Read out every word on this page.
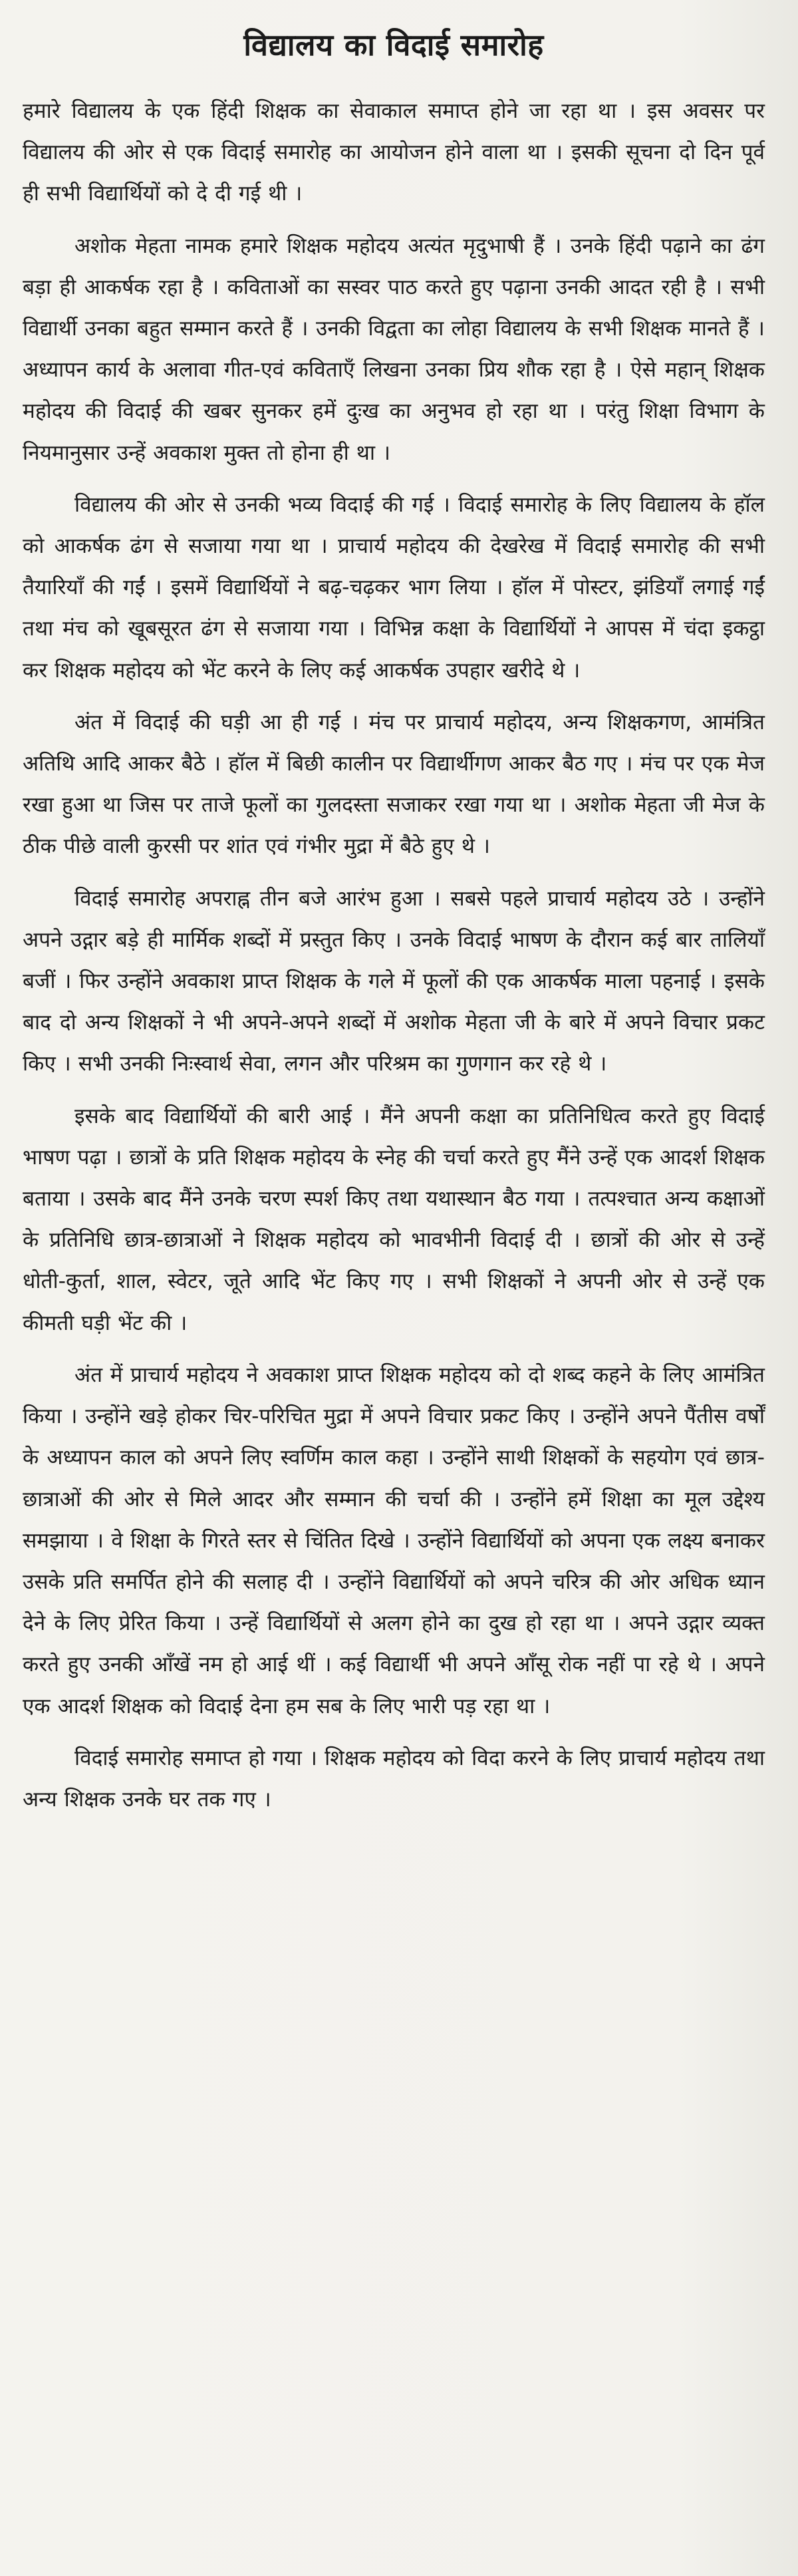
विद्यालय का विदाई समारोह

हमारे विद्यालय के एक हिंदी शिक्षक का सेवाकाल समाप्त होने जा रहा था । इस अवसर पर विद्यालय की ओर से एक विदाई समारोह का आयोजन होने वाला था । इसकी सूचना दो दिन पूर्व ही सभी विद्यार्थियों को दे दी गई थी ।

अशोक मेहता नामक हमारे शिक्षक महोदय अत्यंत मृदुभाषी हैं । उनके हिंदी पढ़ाने का ढंग बड़ा ही आकर्षक रहा है । कविताओं का सस्वर पाठ करते हुए पढ़ाना उनकी आदत रही है । सभी विद्यार्थी उनका बहुत सम्मान करते हैं । उनकी विद्वता का लोहा विद्यालय के सभी शिक्षक मानते हैं । अध्यापन कार्य के अलावा गीत-एवं कविताएँ लिखना उनका प्रिय शौक रहा है । ऐसे महान् शिक्षक महोदय की विदाई की खबर सुनकर हमें दुःख का अनुभव हो रहा था । परंतु शिक्षा विभाग के नियमानुसार उन्हें अवकाश मुक्त तो होना ही था ।

विद्यालय की ओर से उनकी भव्य विदाई की गई । विदाई समारोह के लिए विद्यालय के हॉल को आकर्षक ढंग से सजाया गया था । प्राचार्य महोदय की देखरेख में विदाई समारोह की सभी तैयारियाँ की गईं । इसमें विद्यार्थियों ने बढ़-चढ़कर भाग लिया । हॉल में पोस्टर, झंडियाँ लगाई गईं तथा मंच को खूबसूरत ढंग से सजाया गया । विभिन्न कक्षा के विद्यार्थियों ने आपस में चंदा इकट्ठा कर शिक्षक महोदय को भेंट करने के लिए कई आकर्षक उपहार खरीदे थे ।

अंत में विदाई की घड़ी आ ही गई । मंच पर प्राचार्य महोदय, अन्य शिक्षकगण, आमंत्रित अतिथि आदि आकर बैठे । हॉल में बिछी कालीन पर विद्यार्थीगण आकर बैठ गए । मंच पर एक मेज रखा हुआ था जिस पर ताजे फूलों का गुलदस्ता सजाकर रखा गया था । अशोक मेहता जी मेज के ठीक पीछे वाली कुरसी पर शांत एवं गंभीर मुद्रा में बैठे हुए थे ।

विदाई समारोह अपराह्न तीन बजे आरंभ हुआ । सबसे पहले प्राचार्य महोदय उठे । उन्होंने अपने उद्गार बड़े ही मार्मिक शब्दों में प्रस्तुत किए । उनके विदाई भाषण के दौरान कई बार तालियाँ बजीं । फिर उन्होंने अवकाश प्राप्त शिक्षक के गले में फूलों की एक आकर्षक माला पहनाई । इसके बाद दो अन्य शिक्षकों ने भी अपने-अपने शब्दों में अशोक मेहता जी के बारे में अपने विचार प्रकट किए । सभी उनकी निःस्वार्थ सेवा, लगन और परिश्रम का गुणगान कर रहे थे ।

इसके बाद विद्यार्थियों की बारी आई । मैंने अपनी कक्षा का प्रतिनिधित्व करते हुए विदाई भाषण पढ़ा । छात्रों के प्रति शिक्षक महोदय के स्नेह की चर्चा करते हुए मैंने उन्हें एक आदर्श शिक्षक बताया । उसके बाद मैंने उनके चरण स्पर्श किए तथा यथास्थान बैठ गया । तत्पश्चात अन्य कक्षाओं के प्रतिनिधि छात्र-छात्राओं ने शिक्षक महोदय को भावभीनी विदाई दी । छात्रों की ओर से उन्हें धोती-कुर्ता, शाल, स्वेटर, जूते आदि भेंट किए गए । सभी शिक्षकों ने अपनी ओर से उन्हें एक कीमती घड़ी भेंट की ।

अंत में प्राचार्य महोदय ने अवकाश प्राप्त शिक्षक महोदय को दो शब्द कहने के लिए आमंत्रित किया । उन्होंने खड़े होकर चिर-परिचित मुद्रा में अपने विचार प्रकट किए । उन्होंने अपने पैंतीस वर्षों के अध्यापन काल को अपने लिए स्वर्णिम काल कहा । उन्होंने साथी शिक्षकों के सहयोग एवं छात्र-छात्राओं की ओर से मिले आदर और सम्मान की चर्चा की । उन्होंने हमें शिक्षा का मूल उद्देश्य समझाया । वे शिक्षा के गिरते स्तर से चिंतित दिखे । उन्होंने विद्यार्थियों को अपना एक लक्ष्य बनाकर उसके प्रति समर्पित होने की सलाह दी । उन्होंने विद्यार्थियों को अपने चरित्र की ओर अधिक ध्यान देने के लिए प्रेरित किया । उन्हें विद्यार्थियों से अलग होने का दुख हो रहा था । अपने उद्गार व्यक्त करते हुए उनकी आँखें नम हो आई थीं । कई विद्यार्थी भी अपने आँसू रोक नहीं पा रहे थे । अपने एक आदर्श शिक्षक को विदाई देना हम सब के लिए भारी पड़ रहा था ।

विदाई समारोह समाप्त हो गया । शिक्षक महोदय को विदा करने के लिए प्राचार्य महोदय तथा अन्य शिक्षक उनके घर तक गए ।
